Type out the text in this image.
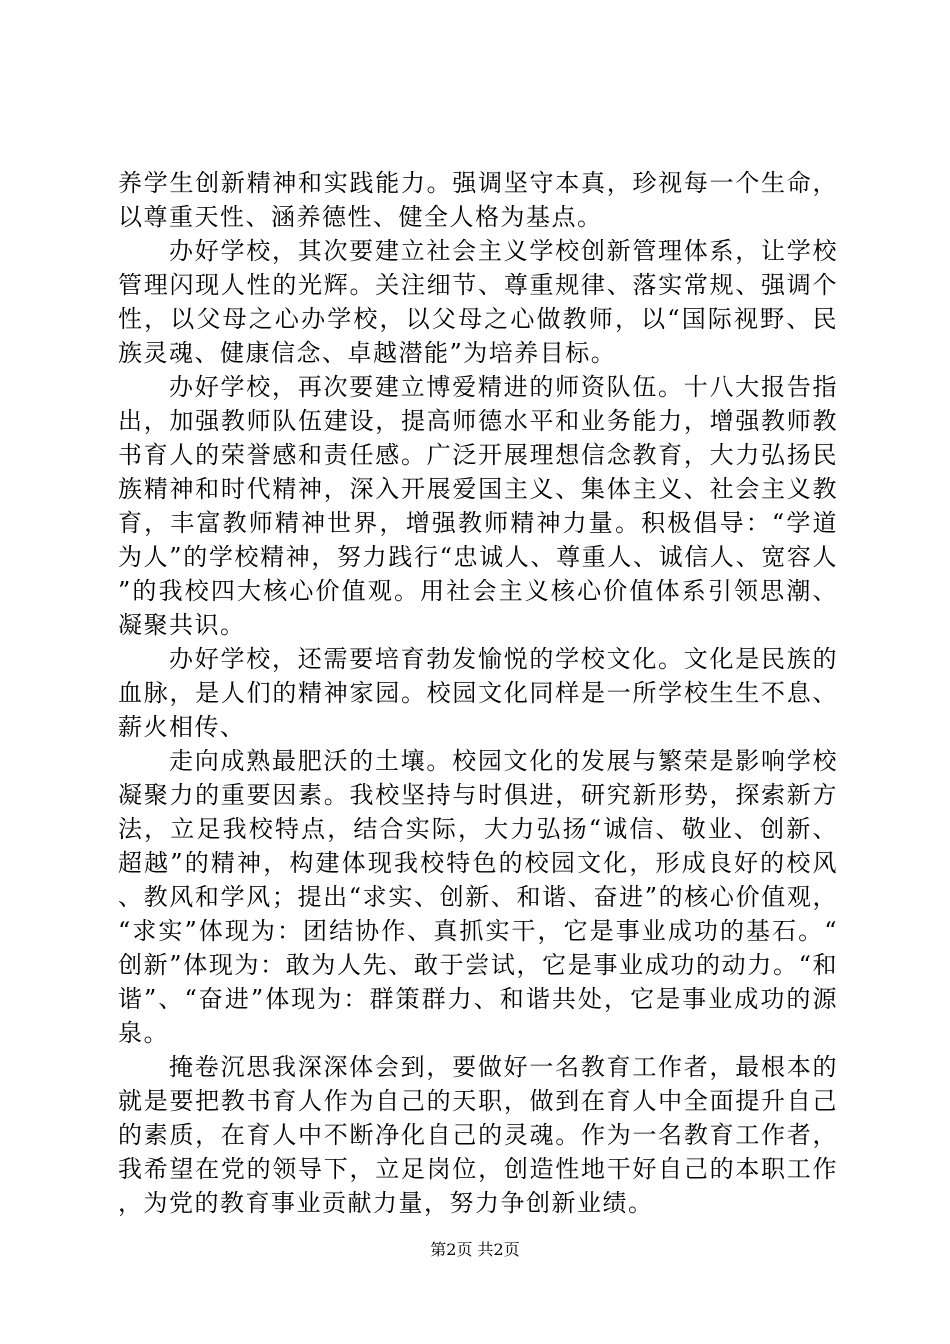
养学生创新精神和实践能力。强调坚守本真，珍视每一个生命，以尊重天性、涵养德性、健全人格为基点。

办好学校，其次要建立社会主义学校创新管理体系，让学校管理闪现人性的光辉。关注细节、尊重规律、落实常规、强调个性，以父母之心办学校，以父母之心做教师，以“国际视野、民族灵魂、健康信念、卓越潜能”为培养目标。

办好学校，再次要建立博爱精进的师资队伍。十八大报告指出，加强教师队伍建设，提高师德水平和业务能力，增强教师教书育人的荣誉感和责任感。广泛开展理想信念教育，大力弘扬民族精神和时代精神，深入开展爱国主义、集体主义、社会主义教育，丰富教师精神世界，增强教师精神力量。积极倡导：“学道为人”的学校精神，努力践行“忠诚人、尊重人、诚信人、宽容人”的我校四大核心价值观。用社会主义核心价值体系引领思潮、凝聚共识。

办好学校，还需要培育勃发愉悦的学校文化。文化是民族的血脉，是人们的精神家园。校园文化同样是一所学校生生不息、薪火相传、

走向成熟最肥沃的土壤。校园文化的发展与繁荣是影响学校凝聚力的重要因素。我校坚持与时俱进，研究新形势，探索新方法，立足我校特点，结合实际，大力弘扬“诚信、敬业、创新、超越”的精神，构建体现我校特色的校园文化，形成良好的校风、教风和学风；提出“求实、创新、和谐、奋进”的核心价值观，“求实”体现为：团结协作、真抓实干，它是事业成功的基石。“创新”体现为：敢为人先、敢于尝试，它是事业成功的动力。“和谐”、“奋进”体现为：群策群力、和谐共处，它是事业成功的源泉。

掩卷沉思我深深体会到，要做好一名教育工作者，最根本的就是要把教书育人作为自己的天职，做到在育人中全面提升自己的素质，在育人中不断净化自己的灵魂。作为一名教育工作者，我希望在党的领导下，立足岗位，创造性地干好自己的本职工作，为党的教育事业贡献力量，努力争创新业绩。

第2页 共2页
